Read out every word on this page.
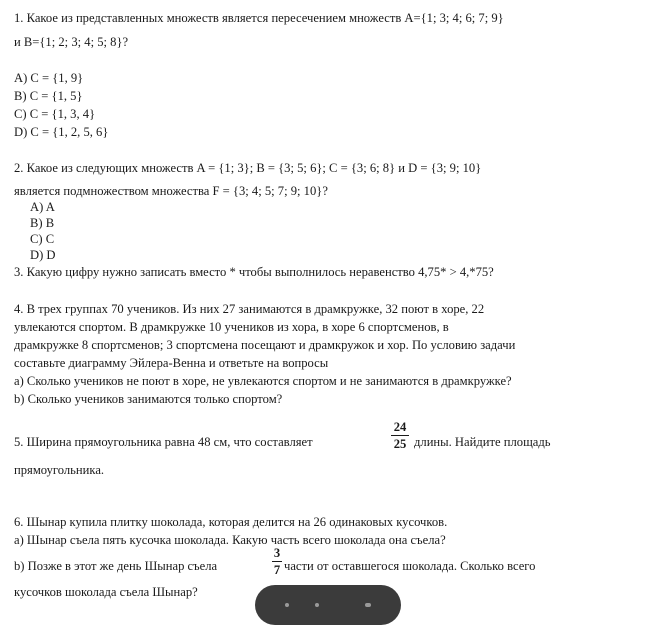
1. Какое из представленных множеств является пересечением множеств А={1; 3; 4; 6; 7; 9}
и В={1; 2; 3; 4; 5; 8}?
A) C = {1, 9}
B) C = {1, 5}
C) C = {1, 3, 4}
D) C = {1, 2, 5, 6}
2. Какое из следующих множеств A = {1; 3}; B = {3; 5; 6}; C = {3; 6; 8} и D = {3; 9; 10}
является подмножеством множества F = {3; 4; 5; 7; 9; 10}?
A) A
B) B
C) C
D) D
3. Какую цифру нужно записать вместо * чтобы выполнилось неравенство 4,75* > 4,*75?
4. В трех группах 70 учеников. Из них 27 занимаются в драмкружке, 32 поют в хоре, 22
увлекаются спортом. В драмкружке 10 учеников из хора, в хоре 6 спортсменов, в
драмкружке 8 спортсменов; 3 спортсмена посещают и драмкружок и хор. По условию задачи
составьте диаграмму Эйлера-Венна и ответьте на вопросы
a) Сколько учеников не поют в хоре, не увлекаются спортом и не занимаются в драмкружке?
b) Сколько учеников занимаются только спортом?
5. Ширина прямоугольника равна 48 см, что составляет
24
25 длины. Найдите площадь
прямоугольника.
6. Шынар купила плитку шоколада, которая делится на 26 одинаковых кусочков.
a) Шынар съела пять кусочка шоколада. Какую часть всего шоколада она съела?
b) Позже в этот же день Шынар съела
3
7 части от оставшегося шоколада. Сколько всего
кусочков шоколада съела Шынар?
